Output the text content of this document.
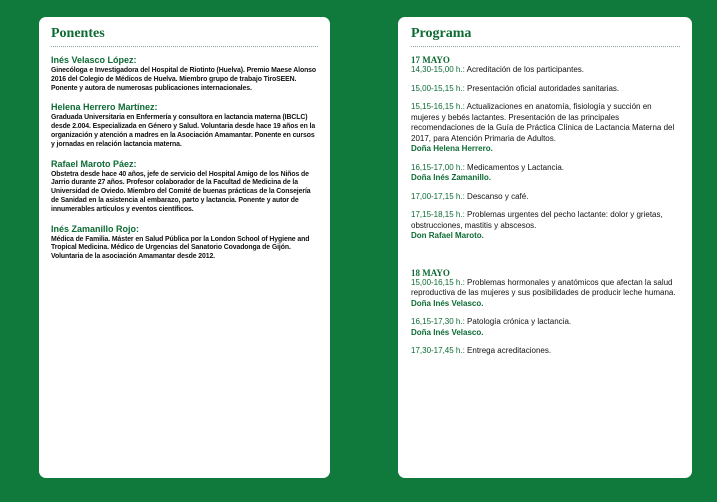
Ponentes
Inés Velasco López:
Ginecóloga e Investigadora del Hospital de Riotinto (Huelva). Premio Maese Alonso 2016 del Colegio de Médicos de Huelva. Miembro grupo de trabajo TiroSEEN. Ponente y autora de numerosas publicaciones internacionales.
Helena Herrero Martínez:
Graduada Universitaria en Enfermería y consultora en lactancia materna (IBCLC) desde 2.004. Especializada en Género y Salud. Voluntaria desde hace 19 años en la organización y atención a madres en la Asociación Amamantar. Ponente en cursos y jornadas en relación lactancia materna.
Rafael Maroto Páez:
Obstetra desde hace 40 años, jefe de servicio del Hospital Amigo de los Niños de Jarrio durante 27 años. Profesor colaborador de la Facultad de Medicina de la Universidad de Oviedo. Miembro del Comité de buenas prácticas de la Consejería de Sanidad en la asistencia al embarazo, parto y lactancia. Ponente y autor de innumerables artículos y eventos científicos.
Inés Zamanillo Rojo:
Médica de Familia. Máster en Salud Pública por la London School of Hygiene and Tropical Medicina. Médico de Urgencias del Sanatorio Covadonga de Gijón. Voluntaria de la asociación Amamantar desde 2012.
Programa
17 MAYO
14,30-15,00 h.: Acreditación de los participantes.
15,00-15,15 h.: Presentación oficial autoridades sanitarias.
15,15-16,15 h.: Actualizaciones en anatomía, fisiología y succión en mujeres y bebés lactantes. Presentación de las principales recomendaciones de la Guía de Práctica Clínica de Lactancia Materna del 2017, para Atención Primaria de Adultos.
Doña Helena Herrero.
16,15-17,00 h.: Medicamentos y Lactancia.
Doña Inés Zamanillo.
17,00-17,15 h.: Descanso y café.
17,15-18,15 h.: Problemas urgentes del pecho lactante: dolor y grietas, obstrucciones, mastitis y abscesos.
Don Rafael Maroto.
18 MAYO
15,00-16,15 h.: Problemas hormonales y anatómicos que afectan la salud reproductiva de las mujeres y sus posibilidades de producir leche humana.
Doña Inés Velasco.
16,15-17,30 h.: Patología crónica y lactancia.
Doña Inés Velasco.
17,30-17,45 h.: Entrega acreditaciones.
